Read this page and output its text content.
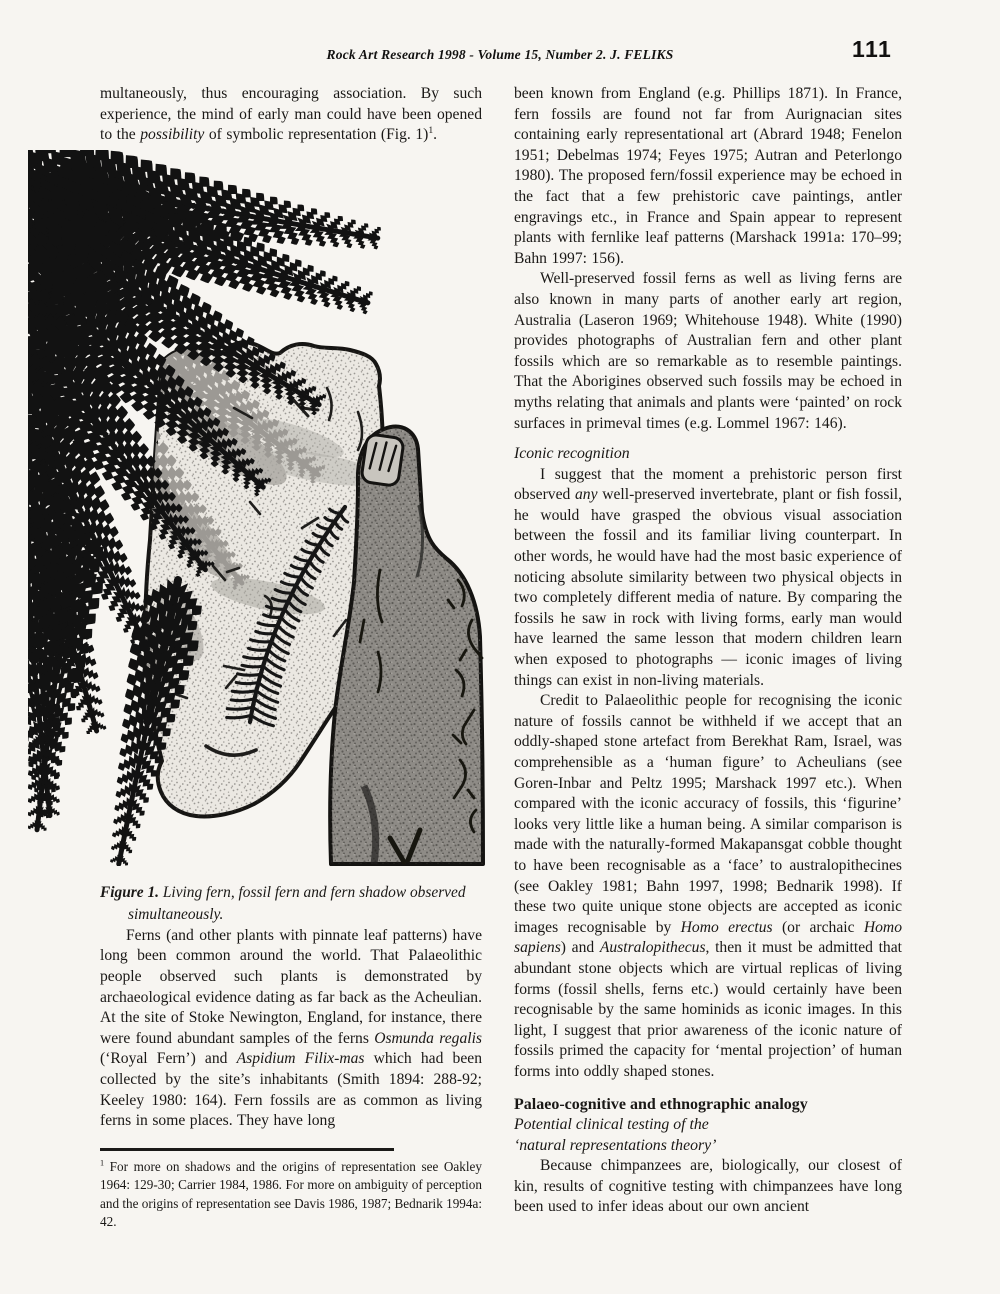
Rock Art Research 1998 - Volume 15, Number 2. J. FELIKS	111

multaneously, thus encouraging association. By such experience, the mind of early man could have been opened to the possibility of symbolic representation (Fig. 1)$^1$.

Figure 1. Living fern, fossil fern and fern shadow observed simultaneously.

Ferns (and other plants with pinnate leaf patterns) have long been common around the world. That Palaeolithic people observed such plants is demonstrated by archaeological evidence dating as far back as the Acheulian. At the site of Stoke Newington, England, for instance, there were found abundant samples of the ferns Osmunda regalis (‘Royal Fern’) and Aspidium Filix-mas which had been collected by the site’s inhabitants (Smith 1894: 288-92; Keeley 1980: 164). Fern fossils are as common as living ferns in some places. They have long

$^1$ For more on shadows and the origins of representation see Oakley 1964: 129-30; Carrier 1984, 1986. For more on ambiguity of perception and the origins of representation see Davis 1986, 1987; Bednarik 1994a: 42.

been known from England (e.g. Phillips 1871). In France, fern fossils are found not far from Aurignacian sites containing early representational art (Abrard 1948; Fenelon 1951; Debelmas 1974; Feyes 1975; Autran and Peterlongo 1980). The proposed fern/fossil experience may be echoed in the fact that a few prehistoric cave paintings, antler engravings etc., in France and Spain appear to represent plants with fernlike leaf patterns (Marshack 1991a: 170–99; Bahn 1997: 156).

Well-preserved fossil ferns as well as living ferns are also known in many parts of another early art region, Australia (Laseron 1969; Whitehouse 1948). White (1990) provides photographs of Australian fern and other plant fossils which are so remarkable as to resemble paintings. That the Aborigines observed such fossils may be echoed in myths relating that animals and plants were ‘painted’ on rock surfaces in primeval times (e.g. Lommel 1967: 146).

Iconic recognition

I suggest that the moment a prehistoric person first observed any well-preserved invertebrate, plant or fish fossil, he would have grasped the obvious visual association between the fossil and its familiar living counterpart. In other words, he would have had the most basic experience of noticing absolute similarity between two physical objects in two completely different media of nature. By comparing the fossils he saw in rock with living forms, early man would have learned the same lesson that modern children learn when exposed to photographs — iconic images of living things can exist in non-living materials.

Credit to Palaeolithic people for recognising the iconic nature of fossils cannot be withheld if we accept that an oddly-shaped stone artefact from Berekhat Ram, Israel, was comprehensible as a ‘human figure’ to Acheulians (see Goren-Inbar and Peltz 1995; Marshack 1997 etc.). When compared with the iconic accuracy of fossils, this ‘figurine’ looks very little like a human being. A similar comparison is made with the naturally-formed Makapansgat cobble thought to have been recognisable as a ‘face’ to australopithecines (see Oakley 1981; Bahn 1997, 1998; Bednarik 1998). If these two quite unique stone objects are accepted as iconic images recognisable by Homo erectus (or archaic Homo sapiens) and Australopithecus, then it must be admitted that abundant stone objects which are virtual replicas of living forms (fossil shells, ferns etc.) would certainly have been recognisable by the same hominids as iconic images. In this light, I suggest that prior awareness of the iconic nature of fossils primed the capacity for ‘mental projection’ of human forms into oddly shaped stones.

Palaeo-cognitive and ethnographic analogy
Potential clinical testing of the
‘natural representations theory’

Because chimpanzees are, biologically, our closest of kin, results of cognitive testing with chimpanzees have long been used to infer ideas about our own ancient
